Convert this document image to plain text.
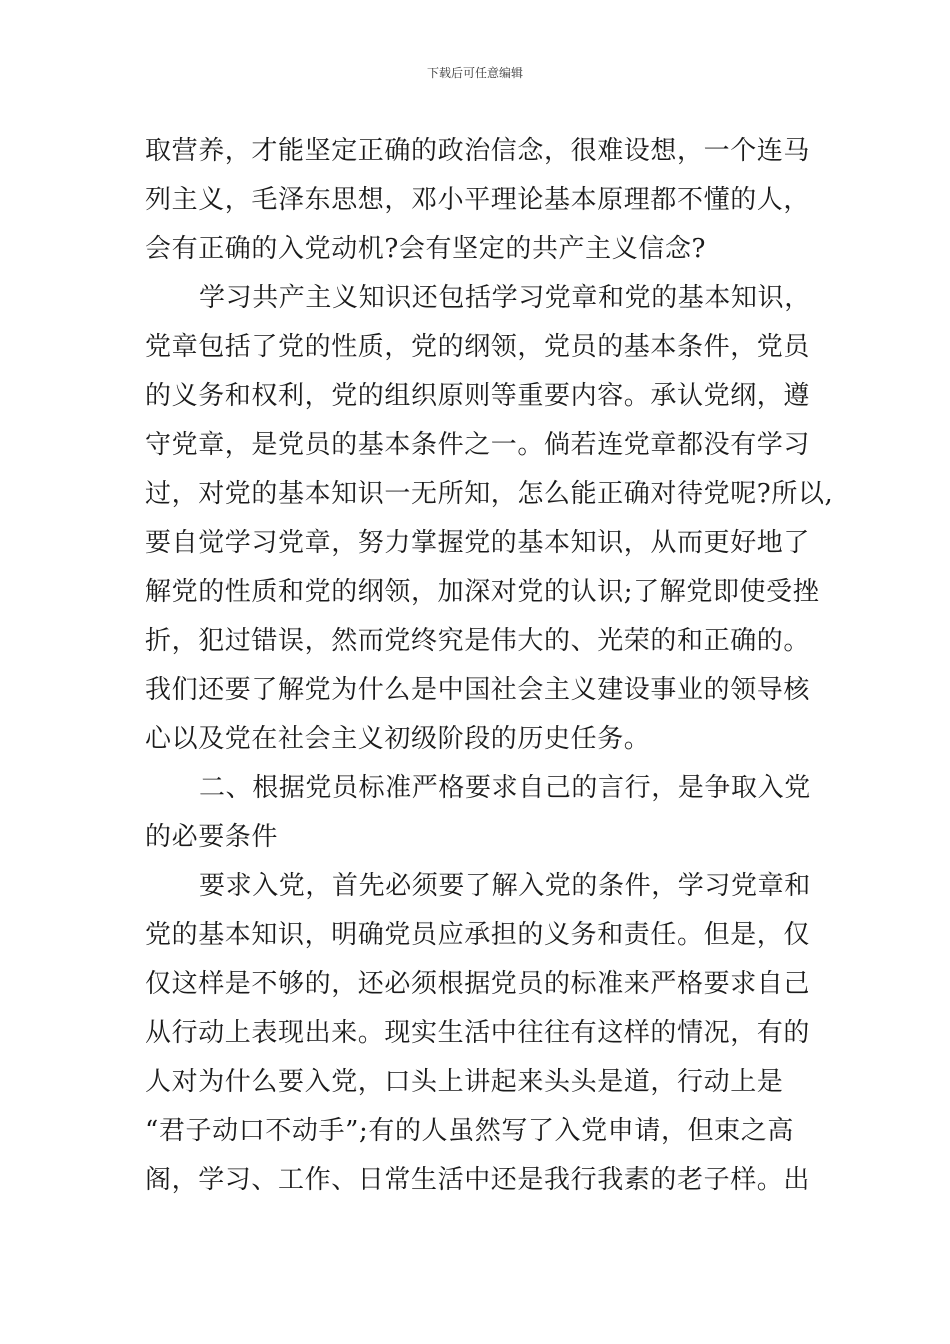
下载后可任意编辑
取营养，才能坚定正确的政治信念，很难设想，一个连马
列主义，毛泽东思想，邓小平理论基本原理都不懂的人，
会有正确的入党动机?会有坚定的共产主义信念?
学习共产主义知识还包括学习党章和党的基本知识，
党章包括了党的性质，党的纲领，党员的基本条件，党员
的义务和权利，党的组织原则等重要内容。承认党纲，遵
守党章，是党员的基本条件之一。倘若连党章都没有学习
过，对党的基本知识一无所知，怎么能正确对待党呢?所以,
要自觉学习党章，努力掌握党的基本知识，从而更好地了
解党的性质和党的纲领，加深对党的认识;了解党即使受挫
折，犯过错误，然而党终究是伟大的、光荣的和正确的。
我们还要了解党为什么是中国社会主义建设事业的领导核
心以及党在社会主义初级阶段的历史任务。
二、根据党员标准严格要求自己的言行，是争取入党
的必要条件
要求入党，首先必须要了解入党的条件，学习党章和
党的基本知识，明确党员应承担的义务和责任。但是，仅
仅这样是不够的，还必须根据党员的标准来严格要求自己
从行动上表现出来。现实生活中往往有这样的情况，有的
人对为什么要入党，口头上讲起来头头是道，行动上是
“君子动口不动手”;有的人虽然写了入党申请，但束之高
阁，学习、工作、日常生活中还是我行我素的老子样。出
